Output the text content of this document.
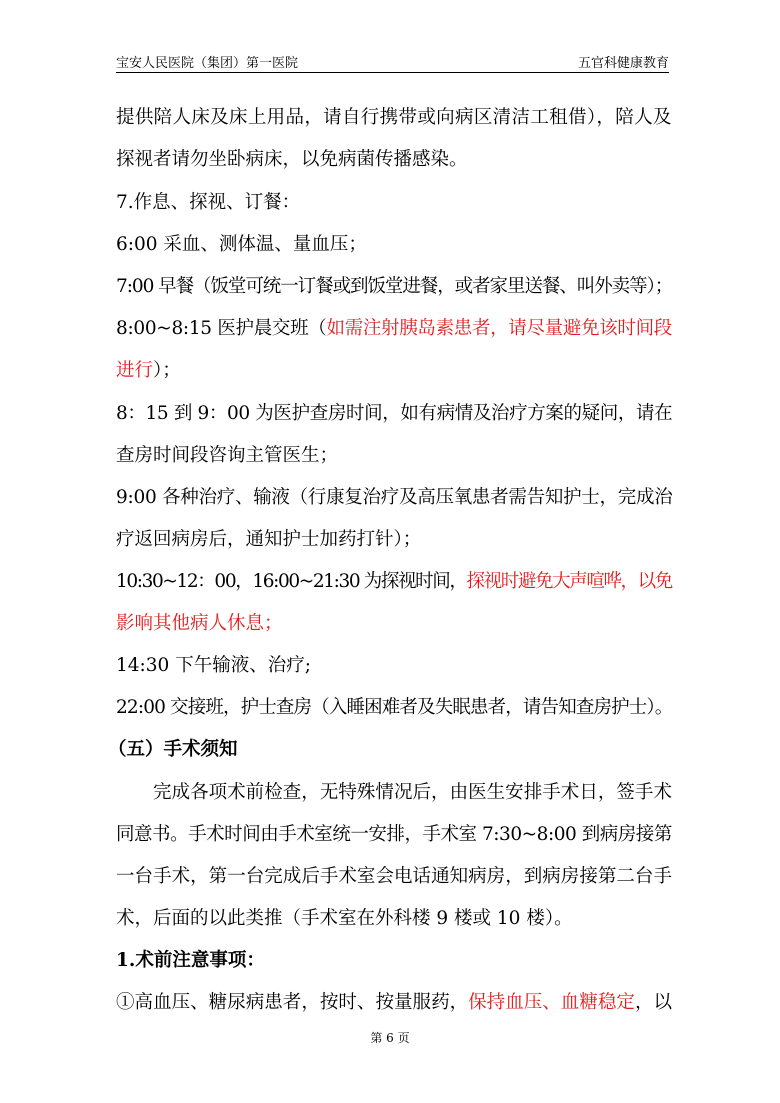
宝安人民医院（集团）第一医院	五官科健康教育
提供陪人床及床上用品，请自行携带或向病区清洁工租借），陪人及
探视者请勿坐卧病床，以免病菌传播感染。
7.作息、探视、订餐：
6:00 采血、测体温、量血压；
7:00 早餐（饭堂可统一订餐或到饭堂进餐，或者家里送餐、叫外卖等）；
8:00~8:15 医护晨交班（如需注射胰岛素患者，请尽量避免该时间段
进行）；
8：15 到 9：00 为医护查房时间，如有病情及治疗方案的疑问，请在
查房时间段咨询主管医生；
9:00 各种治疗、输液（行康复治疗及高压氧患者需告知护士，完成治
疗返回病房后，通知护士加药打针）；
10:30~12：00，16:00~21:30 为探视时间，探视时避免大声喧哗，以免
影响其他病人休息；
14:30 下午输液、治疗;
22:00 交接班，护士查房（入睡困难者及失眠患者，请告知查房护士）。
（五）手术须知
完成各项术前检查，无特殊情况后，由医生安排手术日，签手术
同意书。手术时间由手术室统一安排，手术室 7:30~8:00 到病房接第
一台手术，第一台完成后手术室会电话通知病房，到病房接第二台手
术，后面的以此类推（手术室在外科楼 9 楼或 10 楼）。
1.术前注意事项：
①高血压、糖尿病患者，按时、按量服药，保持血压、血糖稳定，以
第 6 页
